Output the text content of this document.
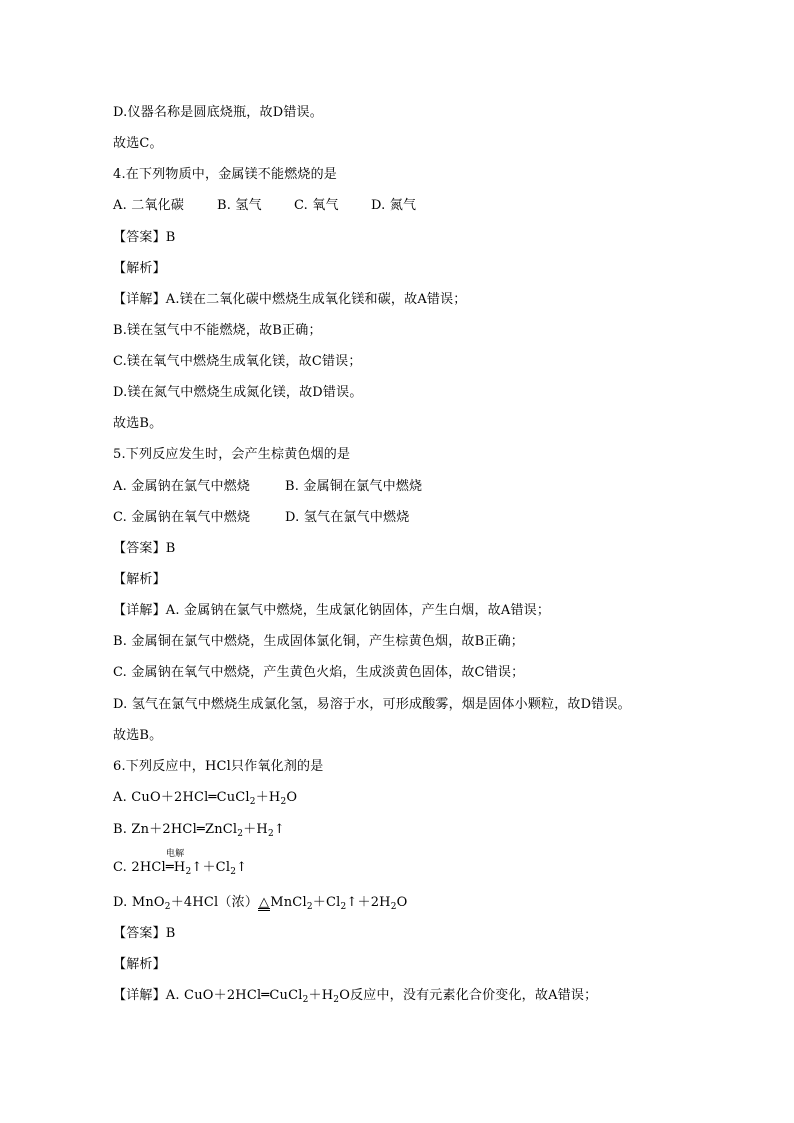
D.仪器名称是圆底烧瓶，故D错误。
故选C。
4.在下列物质中，金属镁不能燃烧的是
A. 二氧化碳	B. 氢气 C. 氧气 D. 氮气
【答案】B
【解析】
【详解】A.镁在二氧化碳中燃烧生成氧化镁和碳，故A错误；
B.镁在氢气中不能燃烧，故B正确；
C.镁在氧气中燃烧生成氧化镁，故C错误；
D.镁在氮气中燃烧生成氮化镁，故D错误。
故选B。
5.下列反应发生时，会产生棕黄色烟的是
A. 金属钠在氯气中燃烧	B. 金属铜在氯气中燃烧
C. 金属钠在氧气中燃烧	D. 氢气在氯气中燃烧
【答案】B
【解析】
【详解】A. 金属钠在氯气中燃烧，生成氯化钠固体，产生白烟，故A错误；
B. 金属铜在氯气中燃烧，生成固体氯化铜，产生棕黄色烟，故B正确；
C. 金属钠在氧气中燃烧，产生黄色火焰，生成淡黄色固体，故C错误；
D. 氢气在氯气中燃烧生成氯化氢，易溶于水，可形成酸雾，烟是固体小颗粒，故D错误。
故选B。
6.下列反应中，HCl只作氧化剂的是
A. $CuO+2HCl═CuCl_2+H_2O$
B. $Zn+2HCl═ZnCl_2+H_2↑$
C. 2HCl
电解
$═H_2↑+Cl_2↑$
D. MnO$_2$＋4HCl（浓）$\triangle MnCl_2+Cl_2↑+2H_2O$
【答案】B
【解析】
【详解】A. $CuO+2HCl═CuCl_2+H_2O$反应中，没有元素化合价变化，故A错误；
